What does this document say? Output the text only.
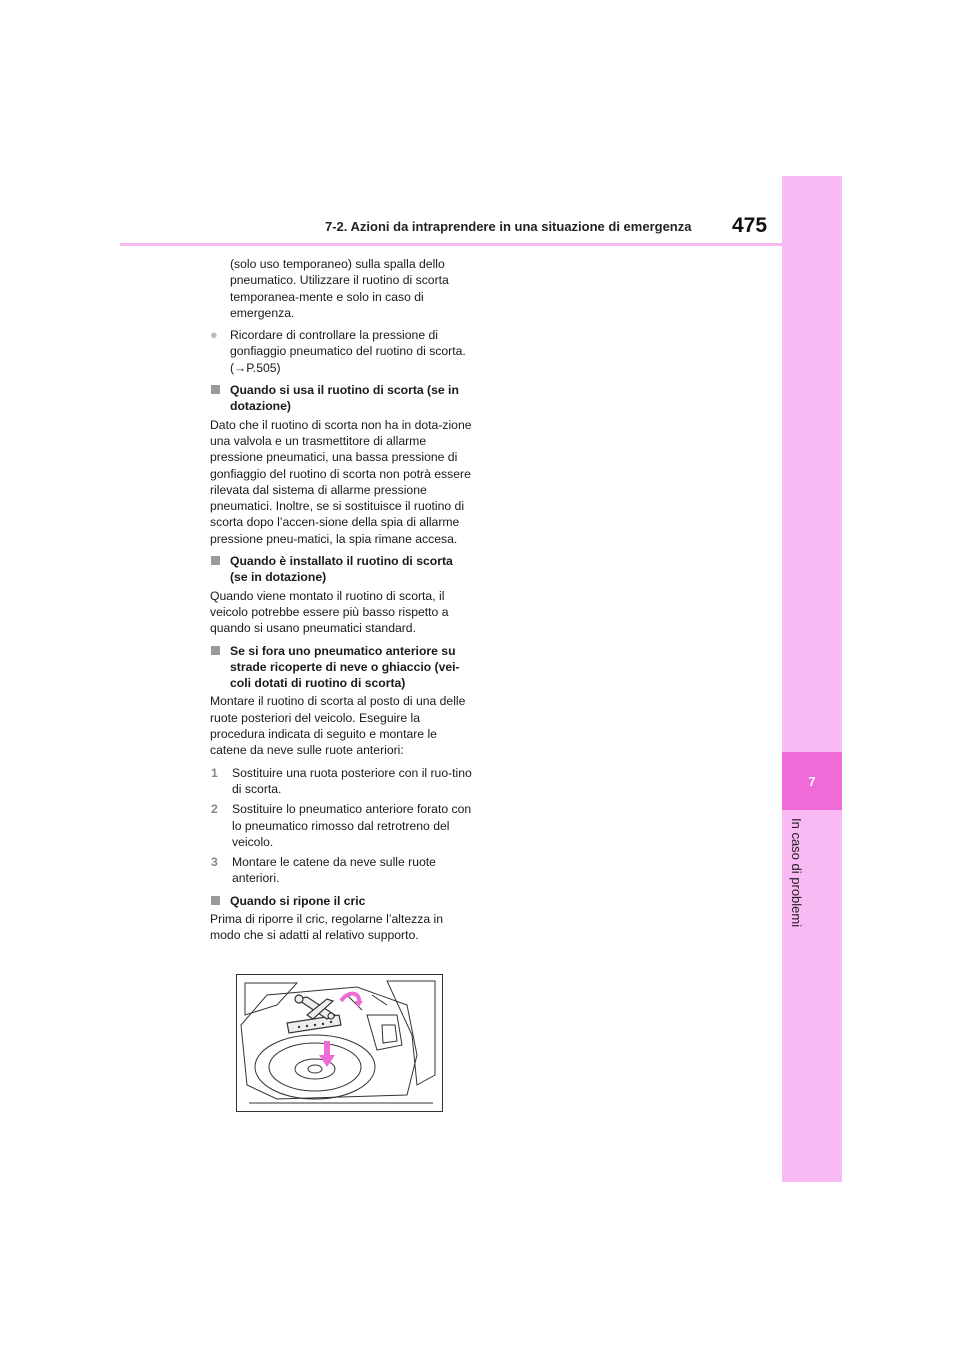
7
In caso di problemi
7-2. Azioni da intraprendere in una situazione di emergenza 475

(solo uso temporaneo) sulla spalla dello pneumatico. Utilizzare il ruotino di scorta temporanea-mente e solo in caso di emergenza.

● Ricordare di controllare la pressione di gonfiaggio pneumatico del ruotino di scorta. (→P.505)
Quando si usa il ruotino di scorta (se in dotazione)

Dato che il ruotino di scorta non ha in dota-zione una valvola e un trasmettitore di allarme pressione pneumatici, una bassa pressione di gonfiaggio del ruotino di scorta non potrà essere rilevata dal sistema di allarme pressione pneumatici. Inoltre, se si sostituisce il ruotino di scorta dopo l’accen-sione della spia di allarme pressione pneu-matici, la spia rimane accesa.

Quando è installato il ruotino di scorta (se in dotazione)

Quando viene montato il ruotino di scorta, il veicolo potrebbe essere più basso rispetto a quando si usano pneumatici standard.

Se si fora uno pneumatico anteriore su strade ricoperte di neve o ghiaccio (vei-coli dotati di ruotino di scorta)

Montare il ruotino di scorta al posto di una delle ruote posteriori del veicolo. Eseguire la procedura indicata di seguito e montare le catene da neve sulle ruote anteriori:

1 Sostituire una ruota posteriore con il ruo-tino di scorta.
2 Sostituire lo pneumatico anteriore forato con lo pneumatico rimosso dal retrotreno del veicolo.
3 Montare le catene da neve sulle ruote anteriori.
Quando si ripone il cric

Prima di riporre il cric, regolarne l’altezza in modo che si adatti al relativo supporto.
